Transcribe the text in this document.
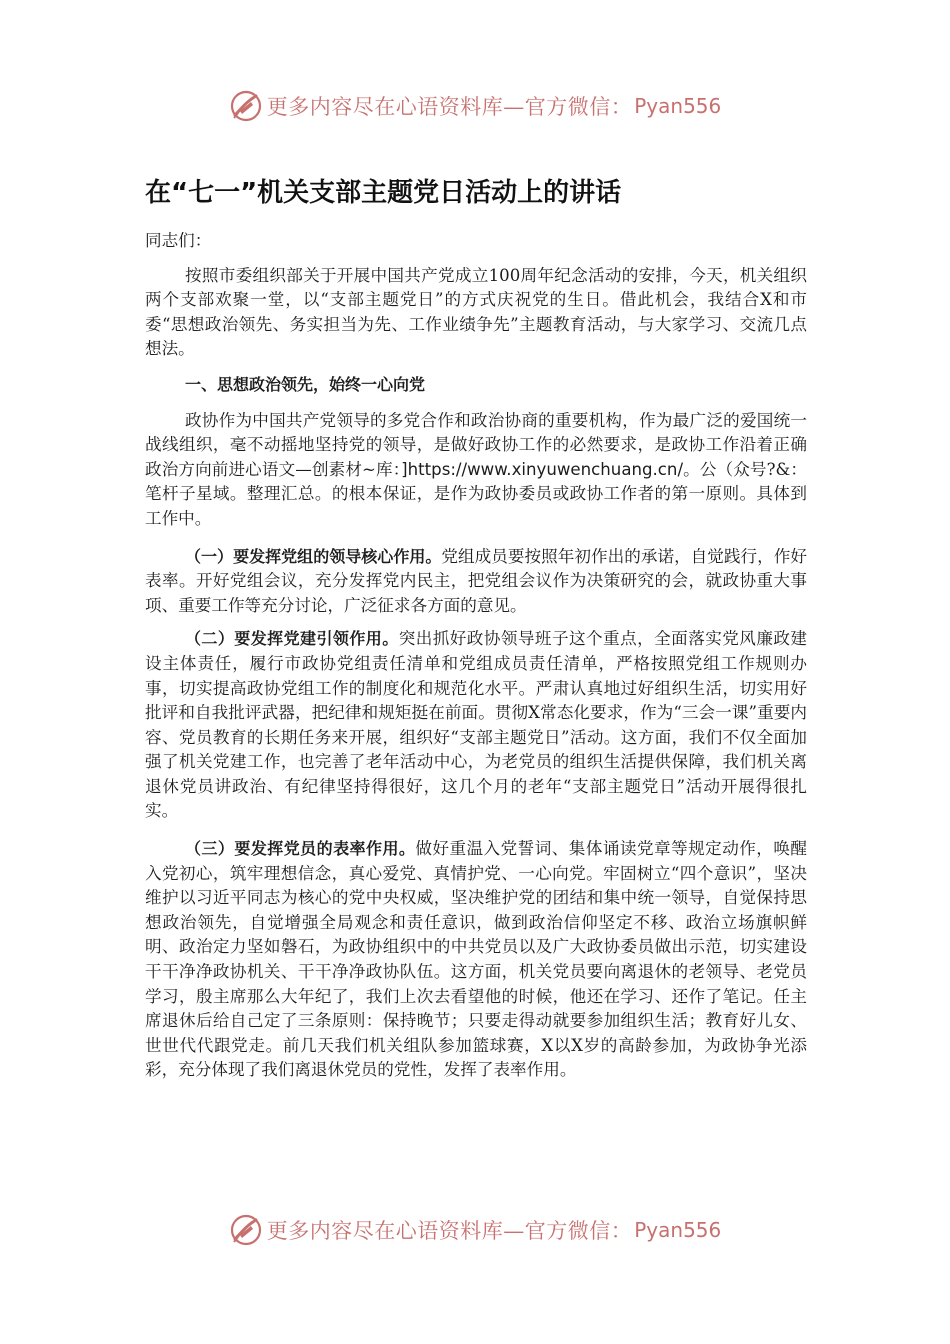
更多内容尽在心语资料库—官方微信： Pyan556
在“七一”机关支部主题党日活动上的讲话

同志们：

按照市委组织部关于开展中国共产党成立100周年纪念活动的安排，今天，机关组织两个支部欢聚一堂，以“支部主题党日”的方式庆祝党的生日。借此机会，我结合X和市委“思想政治领先、务实担当为先、工作业绩争先”主题教育活动，与大家学习、交流几点想法。

一、思想政治领先，始终一心向党

政协作为中国共产党领导的多党合作和政治协商的重要机构，作为最广泛的爱国统一战线组织，毫不动摇地坚持党的领导，是做好政协工作的必然要求，是政协工作沿着正确政治方向前进心语文—创素材~库：]https://www.xinyuwenchuang.cn/。公（众号?&：笔杆子星域。整理汇总。的根本保证，是作为政协委员或政协工作者的第一原则。具体到工作中。

（一）要发挥党组的领导核心作用。党组成员要按照年初作出的承诺，自觉践行，作好表率。开好党组会议，充分发挥党内民主，把党组会议作为决策研究的会，就政协重大事项、重要工作等充分讨论，广泛征求各方面的意见。

（二）要发挥党建引领作用。突出抓好政协领导班子这个重点，全面落实党风廉政建设主体责任，履行市政协党组责任清单和党组成员责任清单，严格按照党组工作规则办事，切实提高政协党组工作的制度化和规范化水平。严肃认真地过好组织生活，切实用好批评和自我批评武器，把纪律和规矩挺在前面。贯彻X常态化要求，作为“三会一课”重要内容、党员教育的长期任务来开展，组织好“支部主题党日”活动。这方面，我们不仅全面加强了机关党建工作，也完善了老年活动中心，为老党员的组织生活提供保障，我们机关离退休党员讲政治、有纪律坚持得很好，这几个月的老年“支部主题党日”活动开展得很扎实。

（三）要发挥党员的表率作用。做好重温入党誓词、集体诵读党章等规定动作，唤醒入党初心，筑牢理想信念，真心爱党、真情护党、一心向党。牢固树立“四个意识”，坚决维护以习近平同志为核心的党中央权威，坚决维护党的团结和集中统一领导，自觉保持思想政治领先，自觉增强全局观念和责任意识，做到政治信仰坚定不移、政治立场旗帜鲜明、政治定力坚如磐石，为政协组织中的中共党员以及广大政协委员做出示范，切实建设干干净净政协机关、干干净净政协队伍。这方面，机关党员要向离退休的老领导、老党员学习，殷主席那么大年纪了，我们上次去看望他的时候，他还在学习、还作了笔记。任主席退休后给自己定了三条原则：保持晚节；只要走得动就要参加组织生活；教育好儿女、世世代代跟党走。前几天我们机关组队参加篮球赛，X以X岁的高龄参加，为政协争光添彩，充分体现了我们离退休党员的党性，发挥了表率作用。

更多内容尽在心语资料库—官方微信： Pyan556
